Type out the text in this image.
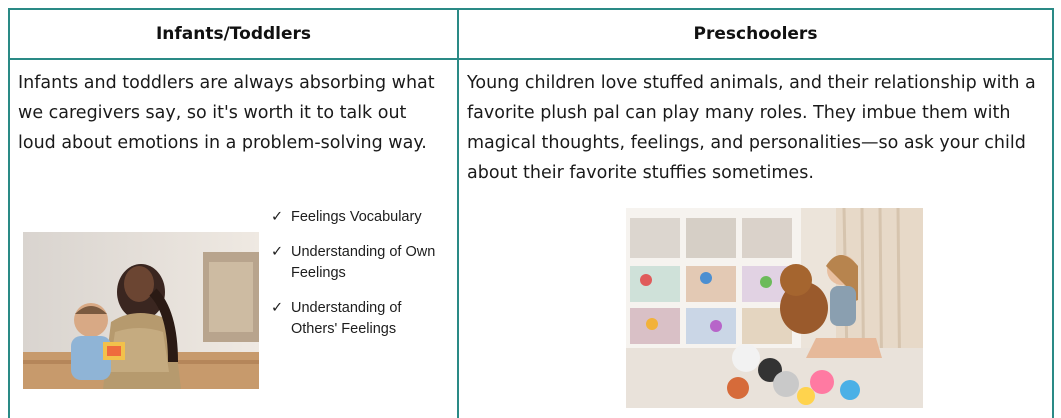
Infants/Toddlers

Infants and toddlers are always absorbing what we caregivers say, so it's worth it to talk out loud about emotions in a problem-solving way.

✓ Feelings Vocabulary
✓ Understanding of Own Feelings
✓ Understanding of Others' Feelings
Preschoolers

Young children love stuffed animals, and their relationship with a favorite plush pal can play many roles. They imbue them with magical thoughts, feelings, and personalities—so ask your child about their favorite stuffies sometimes.
